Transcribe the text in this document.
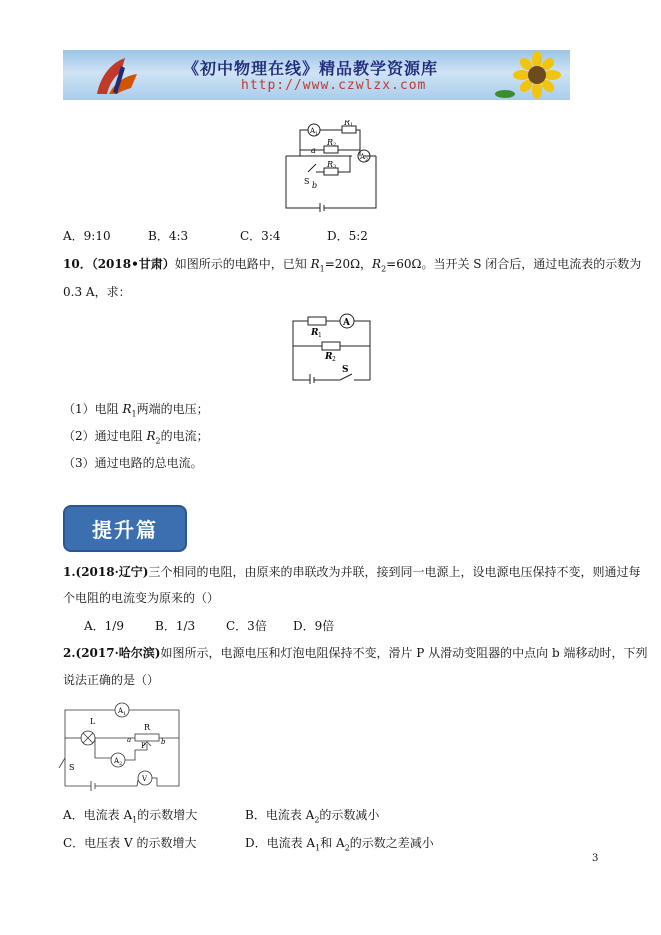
《初中物理在线》精品教学资源库
http://www.czwlzx.com
A 1
A 2
R 1
R 2
R 3
a
S b
A．9:10	B．4:3	C．3:4	D．5:2
10．（2018•甘肃）如图所示的电路中，已知 $R_1=20\Omega$，$R_2=60\Omega$。当开关 S 闭合后，通过电流表的示数为
0.3 A，求：
A
R 1
R 2
S
（1）电阻 $R_1$两端的电压；
（2）通过电阻 $R_2$的电流；
（3）通过电路的总电流。
提升篇
1.(2018·辽宁)三个相同的电阻，由原来的串联改为并联，接到同一电源上，设电源电压保持不变，则通过每
个电阻的电流变为原来的（）
A．1/9	B．1/3	C．3倍 D．9倍
2.(2017·哈尔滨)如图所示，电源电压和灯泡电阻保持不变，滑片 P 从滑动变阻器的中点向 b 端移动时，下列
说法正确的是（）
A 1
L
R
a
P b
A 2
S
V
A．电流表 $A_1$的示数增大	B．电流表 $A_2$的示数减小
C．电压表 V 的示数增大	D．电流表 $A_1$和 $A_2$的示数之差减小
3
